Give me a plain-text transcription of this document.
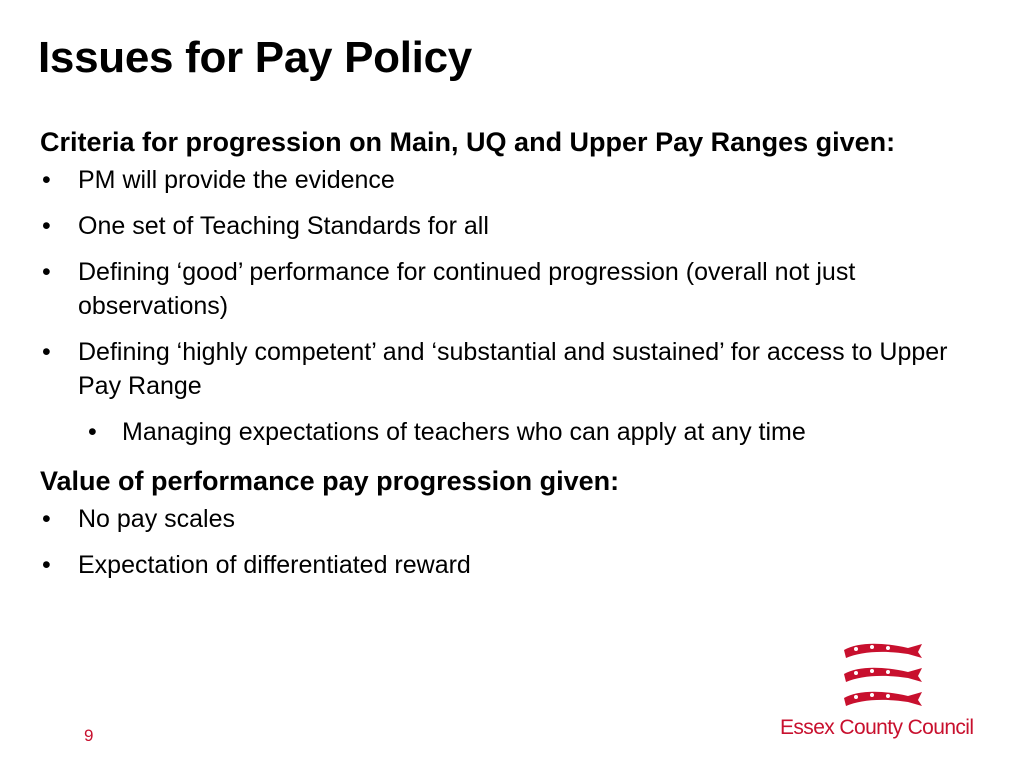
Issues for Pay Policy

Criteria for progression on Main, UQ and Upper Pay Ranges given:

• PM will provide the evidence
• One set of Teaching Standards for all
• Defining ‘good’ performance for continued progression (overall not just observations)
• Defining ‘highly competent’ and ‘substantial and sustained’ for access to Upper Pay Range
• Managing expectations of teachers who can apply at any time

Value of performance pay progression given:

• No pay scales
• Expectation of differentiated reward
9	Essex County Council
